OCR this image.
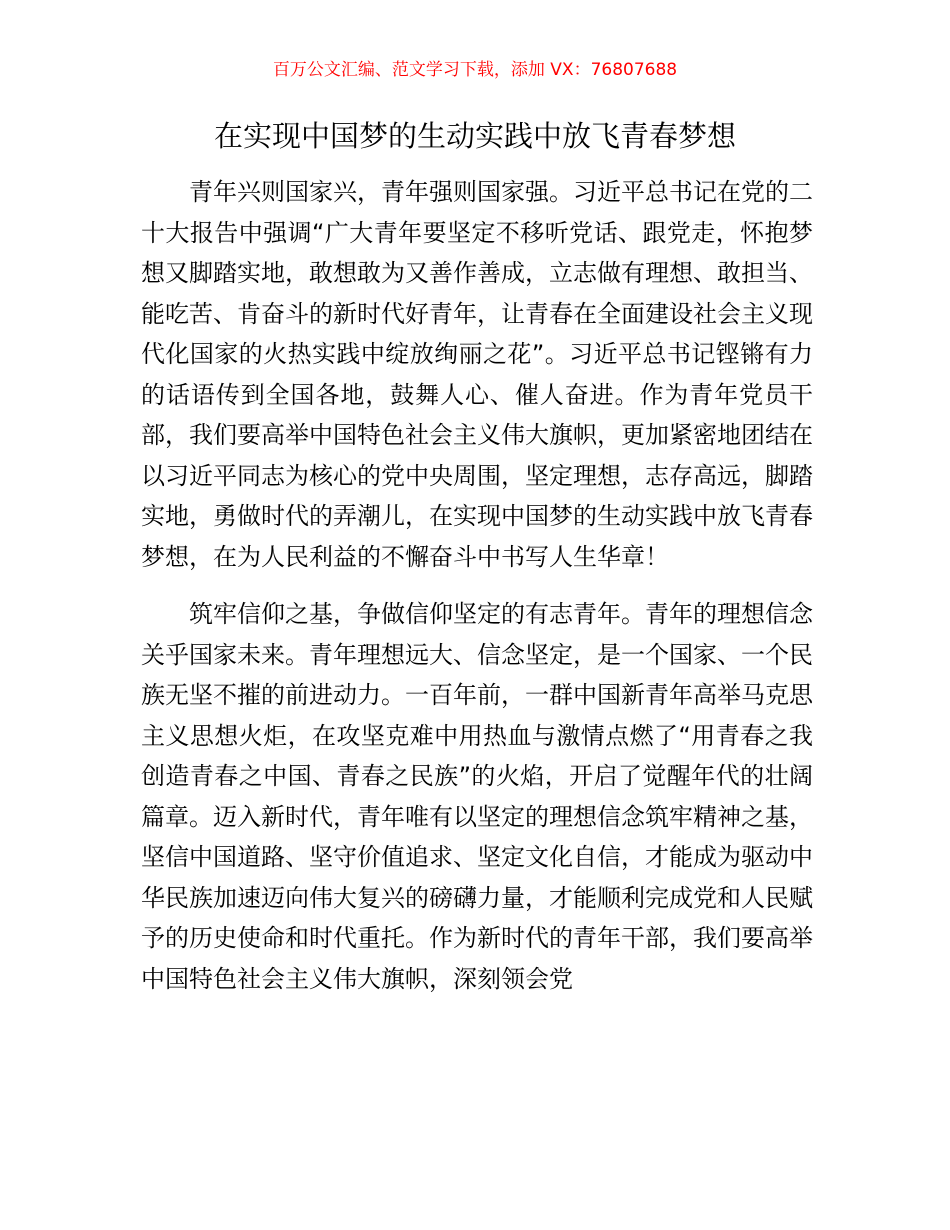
百万公文汇编、范文学习下载，添加 VX：76807688
在实现中国梦的生动实践中放飞青春梦想

青年兴则国家兴，青年强则国家强。习近平总书记在党的二十大报告中强调“广大青年要坚定不移听党话、跟党走，怀抱梦想又脚踏实地，敢想敢为又善作善成，立志做有理想、敢担当、能吃苦、肯奋斗的新时代好青年，让青春在全面建设社会主义现代化国家的火热实践中绽放绚丽之花”。习近平总书记铿锵有力的话语传到全国各地，鼓舞人心、催人奋进。作为青年党员干部，我们要高举中国特色社会主义伟大旗帜，更加紧密地团结在以习近平同志为核心的党中央周围，坚定理想，志存高远，脚踏实地，勇做时代的弄潮儿，在实现中国梦的生动实践中放飞青春梦想，在为人民利益的不懈奋斗中书写人生华章！

筑牢信仰之基，争做信仰坚定的有志青年。青年的理想信念关乎国家未来。青年理想远大、信念坚定，是一个国家、一个民族无坚不摧的前进动力。一百年前，一群中国新青年高举马克思主义思想火炬，在攻坚克难中用热血与激情点燃了“用青春之我创造青春之中国、青春之民族”的火焰，开启了觉醒年代的壮阔篇章。迈入新时代，青年唯有以坚定的理想信念筑牢精神之基，坚信中国道路、坚守价值追求、坚定文化自信，才能成为驱动中华民族加速迈向伟大复兴的磅礴力量，才能顺利完成党和人民赋予的历史使命和时代重托。作为新时代的青年干部，我们要高举中国特色社会主义伟大旗帜，深刻领会党
